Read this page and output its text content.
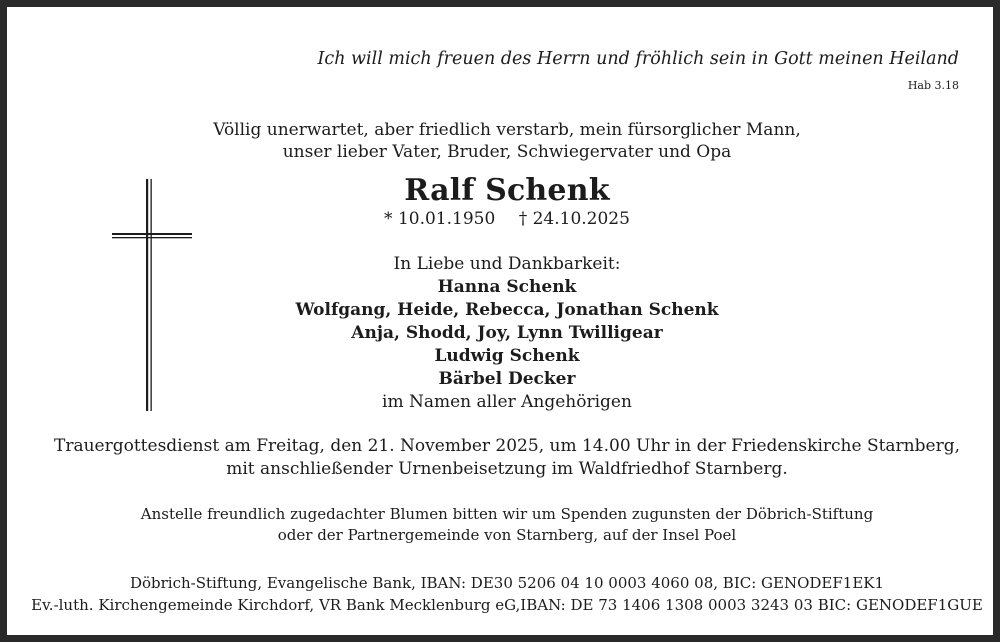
Ich will mich freuen des Herrn und fröhlich sein in Gott meinen Heiland
Hab 3.18
Völlig unerwartet, aber friedlich verstarb, mein fürsorglicher Mann,
unser lieber Vater, Bruder, Schwiegervater und Opa
Ralf Schenk
* 10.01.1950 † 24.10.2025
In Liebe und Dankbarkeit:
Hanna Schenk
Wolfgang, Heide, Rebecca, Jonathan Schenk
Anja, Shodd, Joy, Lynn Twilligear
Ludwig Schenk
Bärbel Decker
im Namen aller Angehörigen
Trauergottesdienst am Freitag, den 21. November 2025, um 14.00 Uhr in der Friedenskirche Starnberg,
mit anschließender Urnenbeisetzung im Waldfriedhof Starnberg.
Anstelle freundlich zugedachter Blumen bitten wir um Spenden zugunsten der Döbrich-Stiftung
oder der Partnergemeinde von Starnberg, auf der Insel Poel
Döbrich-Stiftung, Evangelische Bank, IBAN: DE30 5206 04 10 0003 4060 08, BIC: GENODEF1EK1
Ev.-luth. Kirchengemeinde Kirchdorf, VR Bank Mecklenburg eG,IBAN: DE 73 1406 1308 0003 3243 03 BIC: GENODEF1GUE
